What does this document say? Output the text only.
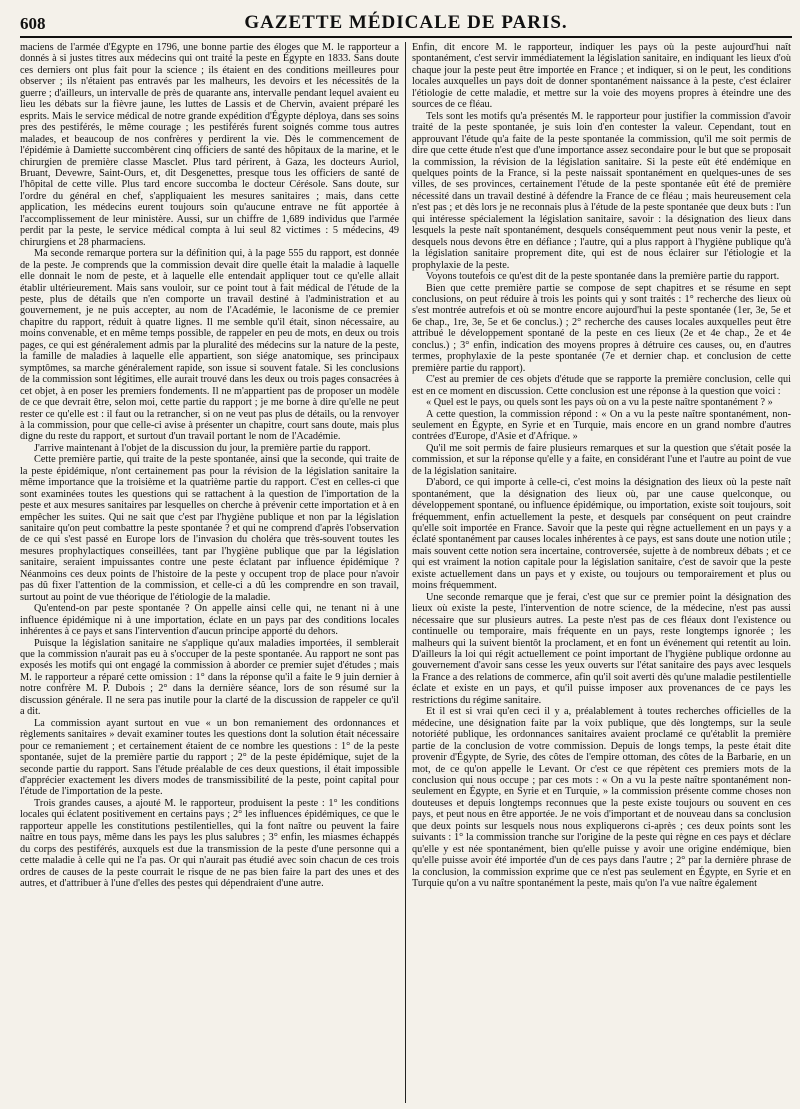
608	GAZETTE MÉDICALE DE PARIS.

maciens de l'armée d'Égypte en 1796, une bonne partie des éloges que M. le rapporteur a donnés à si justes titres aux médecins qui ont traité la peste en Égypte en 1833. Sans doute ces derniers ont plus fait pour la science ; ils étaient en des conditions meilleures pour observer ; ils n'étaient pas entravés par les malheurs, les devoirs et les nécessités de la guerre ; d'ailleurs, un intervalle de près de quarante ans, intervalle pendant lequel avaient eu lieu les débats sur la fièvre jaune, les luttes de Lassis et de Chervin, avaient préparé les esprits. Mais le service médical de notre grande expédition d'Égypte déploya, dans ses soins pres des pestiférés, le même courage ; les pestiférés furent soignés comme tous autres malades, et beaucoup de nos confrères y perdirent la vie. Dès le commencement de l'épidémie à Damiette succombèrent cinq officiers de santé des hôpitaux de la marine, et le chirurgien de première classe Masclet. Plus tard périrent, à Gaza, les docteurs Auriol, Bruant, Devewre, Saint-Ours, et, dit Desgenettes, presque tous les officiers de santé de l'hôpital de cette ville. Plus tard encore succomba le docteur Cérésole. Sans doute, sur l'ordre du général en chef, s'appliquaient les mesures sanitaires ; mais, dans cette application, les médecins eurent toujours soin qu'aucune entrave ne fût apportée à l'accomplissement de leur ministère. Aussi, sur un chiffre de 1,689 individus que l'armée perdit par la peste, le service médical compta à lui seul 82 victimes : 5 médecins, 49 chirurgiens et 28 pharmaciens.

Ma seconde remarque portera sur la définition qui, à la page 555 du rapport, est donnée de la peste. Je comprends que la commission devait dire quelle était la maladie à laquelle elle donnait le nom de peste, et à laquelle elle entendait appliquer tout ce qu'elle allait établir ultérieurement. Mais sans vouloir, sur ce point tout à fait médical de l'étude de la peste, plus de détails que n'en comporte un travail destiné à l'administration et au gouvernement, je ne puis accepter, au nom de l'Académie, le laconisme de ce premier chapitre du rapport, réduit à quatre lignes. Il me semble qu'il était, sinon nécessaire, au moins convenable, et en même temps possible, de rappeler en peu de mots, en deux ou trois pages, ce qui est généralement admis par la pluralité des médecins sur la nature de la peste, la famille de maladies à laquelle elle appartient, son siége anatomique, ses principaux symptômes, sa marche généralement rapide, son issue si souvent fatale. Si les conclusions de la commission sont légitimes, elle aurait trouvé dans les deux ou trois pages consacrées à cet objet, à en poser les premiers fondements. Il ne m'appartient pas de proposer un modèle de ce que devrait être, selon moi, cette partie du rapport ; je me borne à dire qu'elle ne peut rester ce qu'elle est : il faut ou la retrancher, si on ne veut pas plus de détails, ou la renvoyer à la commission, pour que celle-ci avise à présenter un chapitre, court sans doute, mais plus digne du reste du rapport, et surtout d'un travail portant le nom de l'Académie.

J'arrive maintenant à l'objet de la discussion du jour, la première partie du rapport.

Cette première partie, qui traite de la peste spontanée, ainsi que la seconde, qui traite de la peste épidémique, n'ont certainement pas pour la révision de la législation sanitaire la même importance que la troisième et la quatrième partie du rapport. C'est en celles-ci que sont examinées toutes les questions qui se rattachent à la question de l'importation de la peste et aux mesures sanitaires par lesquelles on cherche à prévenir cette importation et à en empêcher les suites. Qui ne sait que c'est par l'hygiène publique et non par la législation sanitaire qu'on peut combattre la peste spontanée ? et qui ne comprend d'après l'observation de ce qui s'est passé en Europe lors de l'invasion du choléra que très-souvent toutes les mesures prophylactiques conseillées, tant par l'hygiène publique que par la législation sanitaire, seraient impuissantes contre une peste éclatant par influence épidémique ? Néanmoins ces deux points de l'histoire de la peste y occupent trop de place pour n'avoir pas dû fixer l'attention de la commission, et celle-ci a dû les comprendre en son travail, surtout au point de vue théorique de l'étiologie de la maladie.

Qu'entend-on par peste spontanée ? On appelle ainsi celle qui, ne tenant ni à une influence épidémique ni à une importation, éclate en un pays par des conditions locales inhérentes à ce pays et sans l'intervention d'aucun principe apporté du dehors.

Puisque la législation sanitaire ne s'applique qu'aux maladies importées, il semblerait que la commission n'aurait pas eu à s'occuper de la peste spontanée. Au rapport ne sont pas exposés les motifs qui ont engagé la commission à aborder ce premier sujet d'études ; mais M. le rapporteur a réparé cette omission : 1° dans la réponse qu'il a faite le 9 juin dernier à notre confrère M. P. Dubois ; 2° dans la dernière séance, lors de son résumé sur la discussion générale. Il ne sera pas inutile pour la clarté de la discussion de rappeler ce qu'il a dit.

La commission ayant surtout en vue « un bon remaniement des ordonnances et règlements sanitaires » devait examiner toutes les questions dont la solution était nécessaire pour ce remaniement ; et certainement étaient de ce nombre les questions : 1° de la peste spontanée, sujet de la première partie du rapport ; 2° de la peste épidémique, sujet de la seconde partie du rapport. Sans l'étude préalable de ces deux questions, il était impossible d'apprécier exactement les divers modes de transmissibilité de la peste, point capital pour l'étude de l'importation de la peste.

Trois grandes causes, a ajouté M. le rapporteur, produisent la peste : 1° les conditions locales qui éclatent positivement en certains pays ; 2° les influences épidémiques, ce que le rapporteur appelle les constitutions pestilentielles, qui la font naître ou peuvent la faire naître en tous pays, même dans les pays les plus salubres ; 3° enfin, les miasmes échappés du corps des pestiférés, auxquels est due la transmission de la peste d'une personne qui a cette maladie à celle qui ne l'a pas. Or qui n'aurait pas étudié avec soin chacun de ces trois ordres de causes de la peste courrait le risque de ne pas bien faire la part des unes et des autres, et d'attribuer à l'une d'elles des pestes qui dépendraient d'une autre.

Enfin, dit encore M. le rapporteur, indiquer les pays où la peste aujourd'hui naît spontanément, c'est servir immédiatement la législation sanitaire, en indiquant les lieux d'où chaque jour la peste peut être importée en France ; et indiquer, si on le peut, les conditions locales auxquelles un pays doit de donner spontanément naissance à la peste, c'est éclairer l'étiologie de cette maladie, et mettre sur la voie des moyens propres à éteindre une des sources de ce fléau.

Tels sont les motifs qu'a présentés M. le rapporteur pour justifier la commission d'avoir traité de la peste spontanée, je suis loin d'en contester la valeur. Cependant, tout en approuvant l'étude qu'a faite de la peste spontanée la commission, qu'il me soit permis de dire que cette étude n'est que d'une importance assez secondaire pour le but que se proposait la commission, la révision de la législation sanitaire. Si la peste eût été endémique en quelques points de la France, si la peste naissait spontanément en quelques-unes de ses villes, de ses provinces, certainement l'étude de la peste spontanée eût été de première nécessité dans un travail destiné à défendre la France de ce fléau ; mais heureusement cela n'est pas ; et dès lors je ne reconnais plus à l'étude de la peste spontanée que deux buts : l'un qui intéresse spécialement la législation sanitaire, savoir : la désignation des lieux dans lesquels la peste naît spontanément, desquels conséquemment peut nous venir la peste, et desquels nous devons être en défiance ; l'autre, qui a plus rapport à l'hygiène publique qu'à la législation sanitaire proprement dite, qui est de nous éclairer sur l'étiologie et la prophylaxie de la peste.

Voyons toutefois ce qu'est dit de la peste spontanée dans la première partie du rapport.

Bien que cette première partie se compose de sept chapitres et se résume en sept conclusions, on peut réduire à trois les points qui y sont traités : 1° recherche des lieux où s'est montrée autrefois et où se montre encore aujourd'hui la peste spontanée (1er, 3e, 5e et 6e chap., 1re, 3e, 5e et 6e conclus.) ; 2° recherche des causes locales auxquelles peut être attribué le développement spontané de la peste en ces lieux (2e et 4e chap., 2e et 4e conclus.) ; 3° enfin, indication des moyens propres à détruire ces causes, ou, en d'autres termes, prophylaxie de la peste spontanée (7e et dernier chap. et conclusion de cette première partie du rapport).

C'est au premier de ces objets d'étude que se rapporte la première conclusion, celle qui est en ce moment en discussion. Cette conclusion est une réponse à la question que voici :

« Quel est le pays, ou quels sont les pays où on a vu la peste naître spontanément ? »

A cette question, la commission répond : « On a vu la peste naître spontanément, non-seulement en Égypte, en Syrie et en Turquie, mais encore en un grand nombre d'autres contrées d'Europe, d'Asie et d'Afrique. »

Qu'il me soit permis de faire plusieurs remarques et sur la question que s'était posée la commission, et sur la réponse qu'elle y a faite, en considérant l'une et l'autre au point de vue de la législation sanitaire.

D'abord, ce qui importe à celle-ci, c'est moins la désignation des lieux où la peste naît spontanément, que la désignation des lieux où, par une cause quelconque, ou développement spontané, ou influence épidémique, ou importation, existe soit toujours, soit fréquemment, enfin actuellement la peste, et desquels par conséquent on peut craindre qu'elle soit importée en France. Savoir que la peste qui règne actuellement en un pays y a éclaté spontanément par causes locales inhérentes à ce pays, est sans doute une notion utile ; mais souvent cette notion sera incertaine, controversée, sujette à de nombreux débats ; et ce qui est vraiment la notion capitale pour la législation sanitaire, c'est de savoir que la peste existe actuellement dans un pays et y existe, ou toujours ou temporairement et plus ou moins fréquemment.

Une seconde remarque que je ferai, c'est que sur ce premier point la désignation des lieux où existe la peste, l'intervention de notre science, de la médecine, n'est pas aussi nécessaire que sur plusieurs autres. La peste n'est pas de ces fléaux dont l'existence ou continuelle ou temporaire, mais fréquente en un pays, reste longtemps ignorée ; les malheurs qui la suivent bientôt la proclament, et en font un événement qui retentit au loin. D'ailleurs la loi qui régit actuellement ce point important de l'hygiène publique ordonne au gouvernement d'avoir sans cesse les yeux ouverts sur l'état sanitaire des pays avec lesquels la France a des relations de commerce, afin qu'il soit averti dès qu'une maladie pestilentielle éclate et existe en un pays, et qu'il puisse imposer aux provenances de ce pays les restrictions du régime sanitaire.

Et il est si vrai qu'en ceci il y a, préalablement à toutes recherches officielles de la médecine, une désignation faite par la voix publique, que dès longtemps, sur la seule notoriété publique, les ordonnances sanitaires avaient proclamé ce qu'établit la première partie de la conclusion de votre commission. Depuis de longs temps, la peste était dite provenir d'Égypte, de Syrie, des côtes de l'empire ottoman, des côtes de la Barbarie, en un mot, de ce qu'on appelle le Levant. Or c'est ce que répètent ces premiers mots de la conclusion qui nous occupe ; par ces mots : « On a vu la peste naître spontanément non-seulement en Égypte, en Syrie et en Turquie, » la commission présente comme choses non douteuses et depuis longtemps reconnues que la peste existe toujours ou souvent en ces pays, et peut nous en être apportée. Je ne vois d'important et de nouveau dans sa conclusion que deux points sur lesquels nous nous expliquerons ci-après ; ces deux points sont les suivants : 1° la commission tranche sur l'origine de la peste qui règne en ces pays et déclare qu'elle y est née spontanément, bien qu'elle puisse y avoir une origine endémique, bien qu'elle puisse avoir été importée d'un de ces pays dans l'autre ; 2° par la dernière phrase de la conclusion, la commission exprime que ce n'est pas seulement en Égypte, en Syrie et en Turquie qu'on a vu naître spontanément la peste, mais qu'on l'a vue naître également
